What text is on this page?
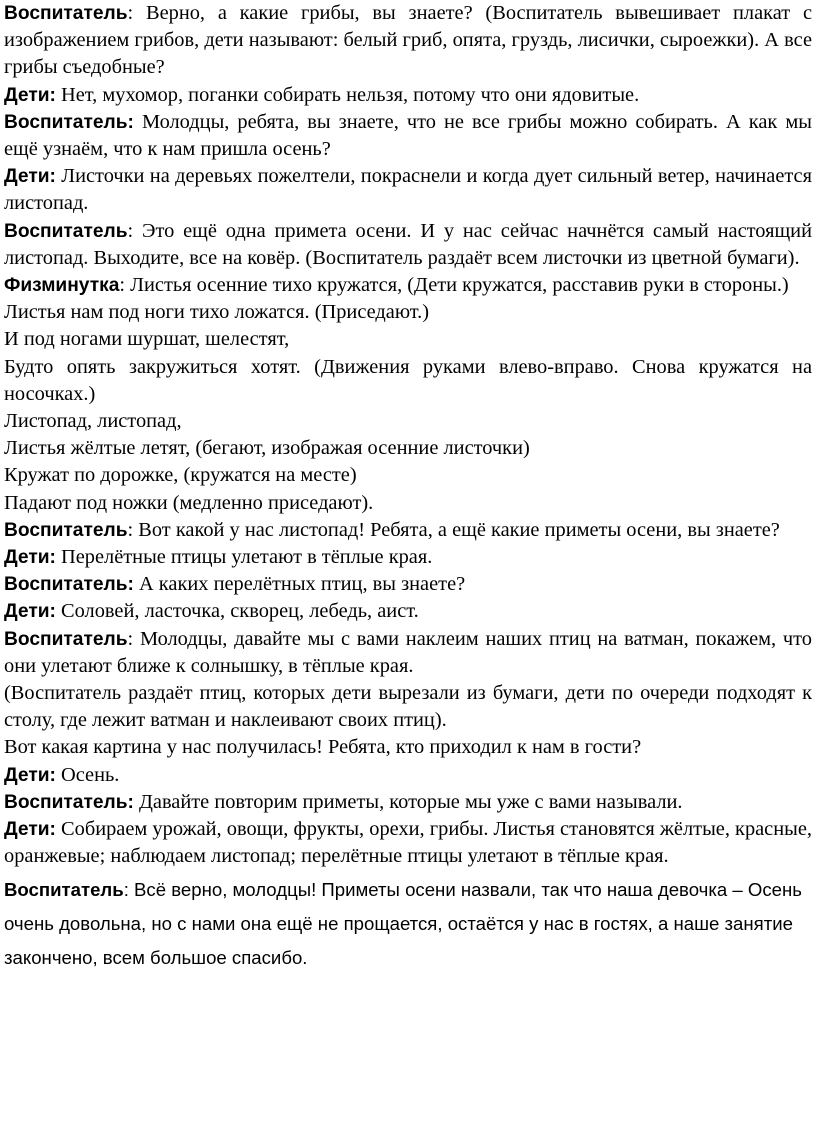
Воспитатель: Верно, а какие грибы, вы знаете? (Воспитатель вывешивает плакат с изображением грибов, дети называют: белый гриб, опята, груздь, лисички, сыроежки). А все грибы съедобные?

Дети: Нет, мухомор, поганки собирать нельзя, потому что они ядовитые.

Воспитатель: Молодцы, ребята, вы знаете, что не все грибы можно собирать. А как мы ещё узнаём, что к нам пришла осень?

Дети: Листочки на деревьях пожелтели, покраснели и когда дует сильный ветер, начинается листопад.

Воспитатель: Это ещё одна примета осени. И у нас сейчас начнётся самый настоящий листопад. Выходите, все на ковёр. (Воспитатель раздаёт всем листочки из цветной бумаги).

Физминутка: Листья осенние тихо кружатся, (Дети кружатся, расставив руки в стороны.)

Листья нам под ноги тихо ложатся. (Приседают.)

И под ногами шуршат, шелестят,

Будто опять закружиться хотят. (Движения руками влево-вправо. Снова кружатся на носочках.)

Листопад, листопад,

Листья жёлтые летят, (бегают, изображая осенние листочки)

Кружат по дорожке, (кружатся на месте)

Падают под ножки (медленно приседают).

Воспитатель: Вот какой у нас листопад! Ребята, а ещё какие приметы осени, вы знаете?

Дети: Перелётные птицы улетают в тёплые края.

Воспитатель: А каких перелётных птиц, вы знаете?

Дети: Соловей, ласточка, скворец, лебедь, аист.

Воспитатель: Молодцы, давайте мы с вами наклеим наших птиц на ватман, покажем, что они улетают ближе к солнышку, в тёплые края.

(Воспитатель раздаёт птиц, которых дети вырезали из бумаги, дети по очереди подходят к столу, где лежит ватман и наклеивают своих птиц).

Вот какая картина у нас получилась! Ребята, кто приходил к нам в гости?

Дети: Осень.

Воспитатель: Давайте повторим приметы, которые мы уже с вами называли.

Дети: Собираем урожай, овощи, фрукты, орехи, грибы. Листья становятся жёлтые, красные, оранжевые; наблюдаем листопад; перелётные птицы улетают в тёплые края.

Воспитатель: Всё верно, молодцы! Приметы осени назвали, так что наша девочка – Осень очень довольна, но с нами она ещё не прощается, остаётся у нас в гостях, а наше занятие закончено, всем большое спасибо.
